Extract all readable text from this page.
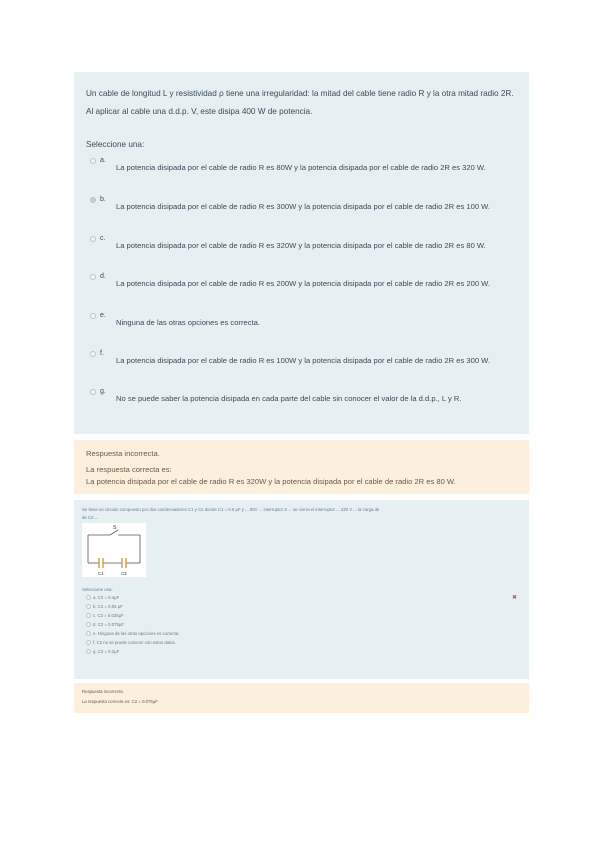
Un cable de longitud L y resistividad ρ tiene una irregularidad: la mitad del cable tiene radio R y la otra mitad radio 2R.
Al aplicar al cable una d.d.p. V, este disipa 400 W de potencia.
Seleccione una:
a.
La potencia disipada por el cable de radio R es 80W y la potencia disipada por el cable de radio 2R es 320 W.
b.
La potencia disipada por el cable de radio R es 300W y la potencia disipada por el cable de radio 2R es 100 W.
c.
La potencia disipada por el cable de radio R es 320W y la potencia disipada por el cable de radio 2R es 80 W.
d.
La potencia disipada por el cable de radio R es 200W y la potencia disipada por el cable de radio 2R es 200 W.
e.
Ninguna de las otras opciones es correcta.
f.
La potencia disipada por el cable de radio R es 100W y la potencia disipada por el cable de radio 2R es 300 W.
g.
No se puede saber la potencia disipada en cada parte del cable sin conocer el valor de la d.d.p., L y R.
Respuesta incorrecta.
La respuesta correcta es:
La potencia disipada por el cable de radio R es 320W y la potencia disipada por el cable de radio 2R es 80 W.
Se tiene un circuito compuesto por dos condensadores C1 y C2 donde C1 = 0.5 μF y ... 90V ... interruptor S ... se cierra el interruptor ... 230 V ... la carga de
de C2 ...
S
C1	C2
Seleccione una:
✖
a. C2 = 0.4μF
b. C2 = 0.05 μF
c. C2 = 0.025μF
d. C2 = 0.075μF
e. Ninguna de las otras opciones es correcta.
f. C2 no se puede conocer con estos datos.
g. C2 = 0.2μF
Respuesta incorrecta.
La respuesta correcta es: C2 = 0.075μF
